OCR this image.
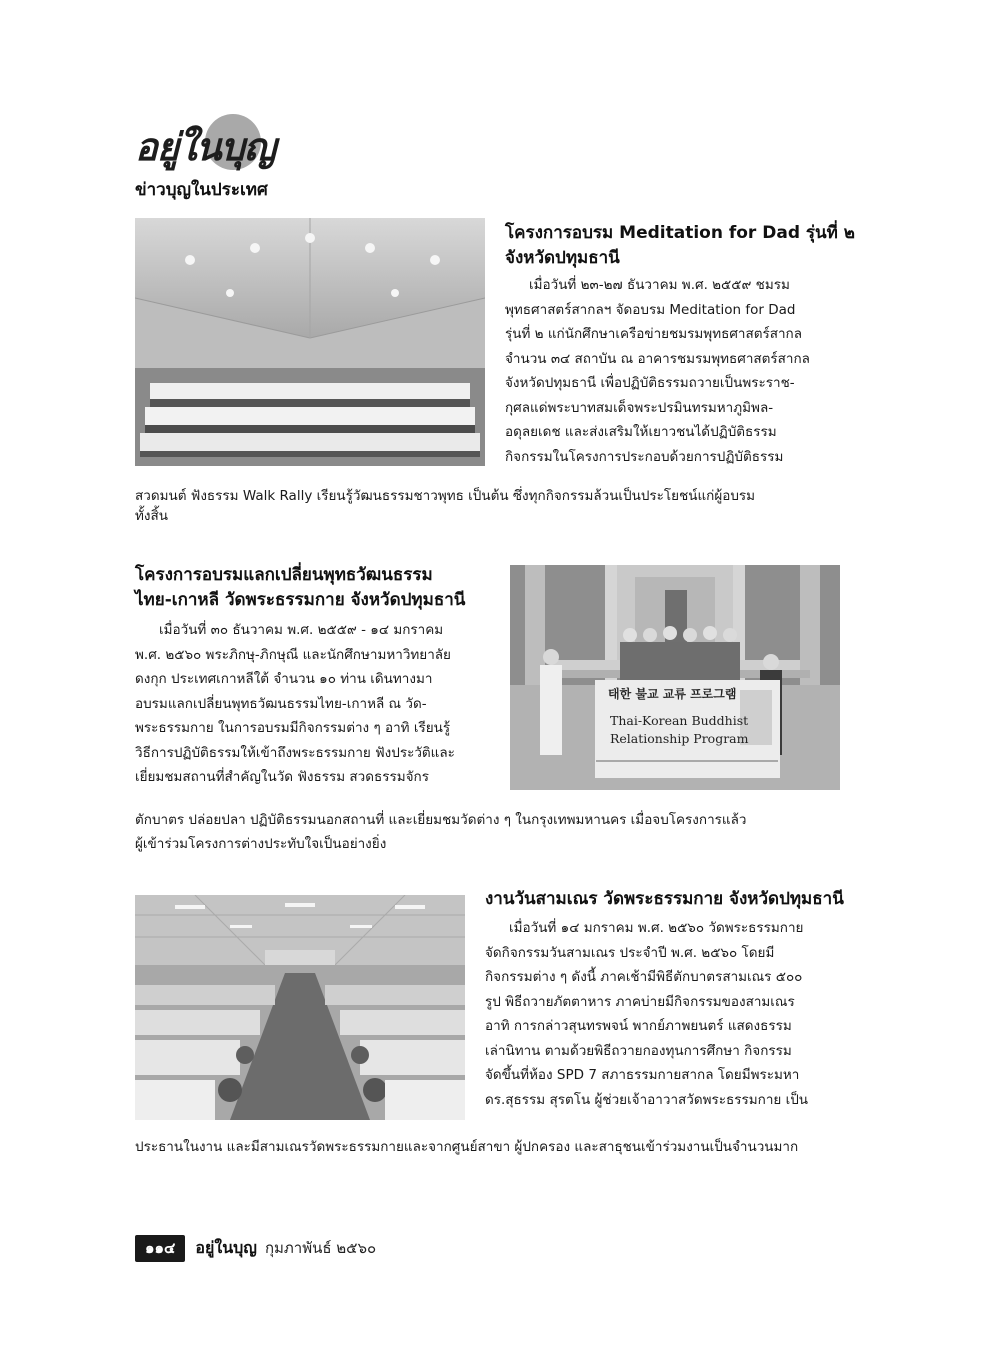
อยู่ในบุญ
ข่าวบุญในประเทศ
โครงการอบรม Meditation for Dad รุ่นที่ ๒
จังหวัดปทุมธานี

เมื่อวันที่ ๒๓-๒๗ ธันวาคม พ.ศ. ๒๕๕๙ ชมรม

พุทธศาสตร์สากลฯ จัดอบรม Meditation for Dad

รุ่นที่ ๒ แก่นักศึกษาเครือข่ายชมรมพุทธศาสตร์สากล

จำนวน ๓๔ สถาบัน ณ อาคารชมรมพุทธศาสตร์สากล

จังหวัดปทุมธานี เพื่อปฏิบัติธรรมถวายเป็นพระราช-

กุศลแด่พระบาทสมเด็จพระปรมินทรมหาภูมิพล-

อดุลยเดช และส่งเสริมให้เยาวชนได้ปฏิบัติธรรม

กิจกรรมในโครงการประกอบด้วยการปฏิบัติธรรม

สวดมนต์ ฟังธรรม Walk Rally เรียนรู้วัฒนธรรมชาวพุทธ เป็นต้น ซึ่งทุกกิจกรรมล้วนเป็นประโยชน์แก่ผู้อบรม

ทั้งสิ้น

โครงการอบรมแลกเปลี่ยนพุทธวัฒนธรรม
ไทย-เกาหลี วัดพระธรรมกาย จังหวัดปทุมธานี

เมื่อวันที่ ๓๐ ธันวาคม พ.ศ. ๒๕๕๙ - ๑๔ มกราคม

พ.ศ. ๒๕๖๐ พระภิกษุ-ภิกษุณี และนักศึกษามหาวิทยาลัย

ดงกุก ประเทศเกาหลีใต้ จำนวน ๑๐ ท่าน เดินทางมา

อบรมแลกเปลี่ยนพุทธวัฒนธรรมไทย-เกาหลี ณ วัด-

พระธรรมกาย ในการอบรมมีกิจกรรมต่าง ๆ อาทิ เรียนรู้

วิธีการปฏิบัติธรรมให้เข้าถึงพระธรรมกาย ฟังประวัติและ

เยี่ยมชมสถานที่สำคัญในวัด ฟังธรรม สวดธรรมจักร

태한 불교 교류 프로그램
Thai-Korean Buddhist
Relationship Program

ตักบาตร ปล่อยปลา ปฏิบัติธรรมนอกสถานที่ และเยี่ยมชมวัดต่าง ๆ ในกรุงเทพมหานคร เมื่อจบโครงการแล้ว

ผู้เข้าร่วมโครงการต่างประทับใจเป็นอย่างยิ่ง

งานวันสามเณร วัดพระธรรมกาย จังหวัดปทุมธานี

เมื่อวันที่ ๑๔ มกราคม พ.ศ. ๒๕๖๐ วัดพระธรรมกาย

จัดกิจกรรมวันสามเณร ประจำปี พ.ศ. ๒๕๖๐ โดยมี

กิจกรรมต่าง ๆ ดังนี้ ภาคเช้ามีพิธีตักบาตรสามเณร ๕๐๐

รูป พิธีถวายภัตตาหาร ภาคบ่ายมีกิจกรรมของสามเณร

อาทิ การกล่าวสุนทรพจน์ พากย์ภาพยนตร์ แสดงธรรม

เล่านิทาน ตามด้วยพิธีถวายกองทุนการศึกษา กิจกรรม

จัดขึ้นที่ห้อง SPD 7 สภาธรรมกายสากล โดยมีพระมหา

ดร.สุธรรม สุรตโน ผู้ช่วยเจ้าอาวาสวัดพระธรรมกาย เป็น

ประธานในงาน และมีสามเณรวัดพระธรรมกายและจากศูนย์สาขา ผู้ปกครอง และสาธุชนเข้าร่วมงานเป็นจำนวนมาก

๑๑๔	อยู่ในบุญ กุมภาพันธ์ ๒๕๖๐
